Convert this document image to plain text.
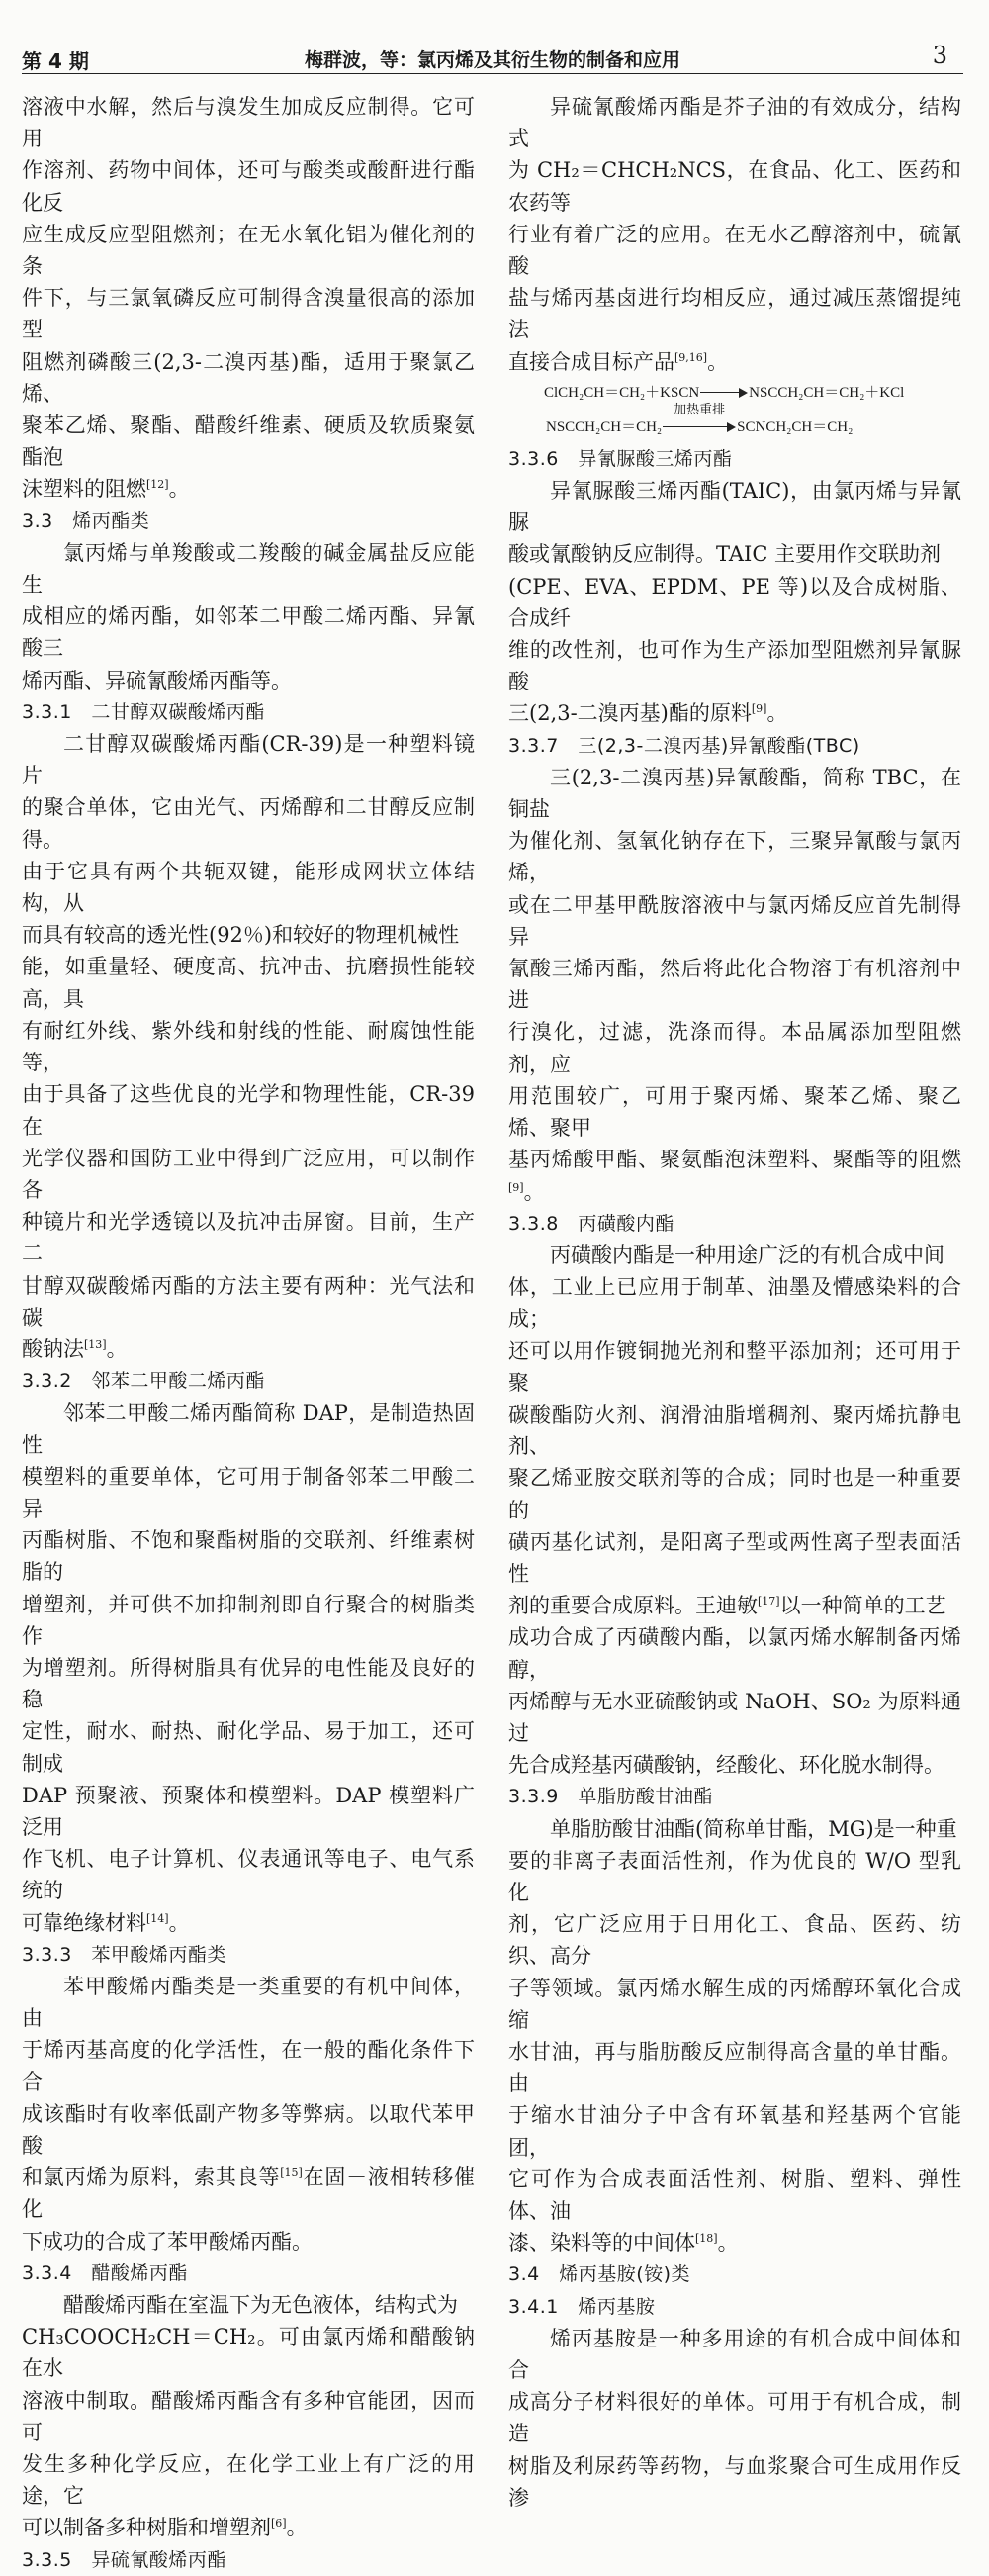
第 4 期	梅群波，等：氯丙烯及其衍生物的制备和应用	3

溶液中水解，然后与溴发生加成反应制得。它可用

作溶剂、药物中间体，还可与酸类或酸酐进行酯化反

应生成反应型阻燃剂；在无水氧化铝为催化剂的条

件下，与三氯氧磷反应可制得含溴量很高的添加型

阻燃剂磷酸三(2,3-二溴丙基)酯，适用于聚氯乙烯、

聚苯乙烯、聚酯、醋酸纤维素、硬质及软质聚氨酯泡

沫塑料的阻燃[12]。

3.3　烯丙酯类

氯丙烯与单羧酸或二羧酸的碱金属盐反应能生

成相应的烯丙酯，如邻苯二甲酸二烯丙酯、异氰酸三

烯丙酯、异硫氰酸烯丙酯等。

3.3.1　二甘醇双碳酸烯丙酯

二甘醇双碳酸烯丙酯(CR-39)是一种塑料镜片

的聚合单体，它由光气、丙烯醇和二甘醇反应制得。

由于它具有两个共轭双键，能形成网状立体结构，从

而具有较高的透光性(92％)和较好的物理机械性

能，如重量轻、硬度高、抗冲击、抗磨损性能较高，具

有耐红外线、紫外线和射线的性能、耐腐蚀性能等，

由于具备了这些优良的光学和物理性能，CR-39 在

光学仪器和国防工业中得到广泛应用，可以制作各

种镜片和光学透镜以及抗冲击屏窗。目前，生产二

甘醇双碳酸烯丙酯的方法主要有两种：光气法和碳

酸钠法[13]。

3.3.2　邻苯二甲酸二烯丙酯

邻苯二甲酸二烯丙酯简称 DAP，是制造热固性

模塑料的重要单体，它可用于制备邻苯二甲酸二异

丙酯树脂、不饱和聚酯树脂的交联剂、纤维素树脂的

增塑剂，并可供不加抑制剂即自行聚合的树脂类作

为增塑剂。所得树脂具有优异的电性能及良好的稳

定性，耐水、耐热、耐化学品、易于加工，还可制成

DAP 预聚液、预聚体和模塑料。DAP 模塑料广泛用

作飞机、电子计算机、仪表通讯等电子、电气系统的

可靠绝缘材料[14]。

3.3.3　苯甲酸烯丙酯类

苯甲酸烯丙酯类是一类重要的有机中间体，由

于烯丙基高度的化学活性，在一般的酯化条件下合

成该酯时有收率低副产物多等弊病。以取代苯甲酸

和氯丙烯为原料，索其良等[15]在固－液相转移催化

下成功的合成了苯甲酸烯丙酯。

3.3.4　醋酸烯丙酯

醋酸烯丙酯在室温下为无色液体，结构式为

CH₃COOCH₂CH＝CH₂。可由氯丙烯和醋酸钠在水

溶液中制取。醋酸烯丙酯含有多种官能团，因而可

发生多种化学反应，在化学工业上有广泛的用途，它

可以制备多种树脂和增塑剂[6]。

3.3.5　异硫氰酸烯丙酯

异硫氰酸烯丙酯是芥子油的有效成分，结构式

为 CH₂＝CHCH₂NCS，在食品、化工、医药和农药等

行业有着广泛的应用。在无水乙醇溶剂中，硫氰酸

盐与烯丙基卤进行均相反应，通过减压蒸馏提纯法

直接合成目标产品[9,16]。

ClCH₂CH＝CH₂＋KSCN	NSCCH₂CH＝CH₂＋KCl
NSCCH₂CH＝CH₂
加热重排
SCNCH₂CH＝CH₂
3.3.6　异氰脲酸三烯丙酯

异氰脲酸三烯丙酯(TAIC)，由氯丙烯与异氰脲

酸或氰酸钠反应制得。TAIC 主要用作交联助剂

(CPE、EVA、EPDM、PE 等)以及合成树脂、合成纤

维的改性剂，也可作为生产添加型阻燃剂异氰脲酸

三(2,3-二溴丙基)酯的原料[9]。

3.3.7　三(2,3-二溴丙基)异氰酸酯(TBC)

三(2,3-二溴丙基)异氰酸酯，简称 TBC，在铜盐

为催化剂、氢氧化钠存在下，三聚异氰酸与氯丙烯，

或在二甲基甲酰胺溶液中与氯丙烯反应首先制得异

氰酸三烯丙酯，然后将此化合物溶于有机溶剂中进

行溴化，过滤，洗涤而得。本品属添加型阻燃剂，应

用范围较广，可用于聚丙烯、聚苯乙烯、聚乙烯、聚甲

基丙烯酸甲酯、聚氨酯泡沫塑料、聚酯等的阻燃[9]。

3.3.8　丙磺酸内酯

丙磺酸内酯是一种用途广泛的有机合成中间

体，工业上已应用于制革、油墨及懵感染料的合成；

还可以用作镀铜抛光剂和整平添加剂；还可用于聚

碳酸酯防火剂、润滑油脂增稠剂、聚丙烯抗静电剂、

聚乙烯亚胺交联剂等的合成；同时也是一种重要的

磺丙基化试剂，是阳离子型或两性离子型表面活性

剂的重要合成原料。王迪敏[17]以一种简单的工艺

成功合成了丙磺酸内酯，以氯丙烯水解制备丙烯醇，

丙烯醇与无水亚硫酸钠或 NaOH、SO₂ 为原料通过

先合成羟基丙磺酸钠，经酸化、环化脱水制得。

3.3.9　单脂肪酸甘油酯

单脂肪酸甘油酯(简称单甘酯，MG)是一种重

要的非离子表面活性剂，作为优良的 W/O 型乳化

剂，它广泛应用于日用化工、食品、医药、纺织、高分

子等领域。氯丙烯水解生成的丙烯醇环氧化合成缩

水甘油，再与脂肪酸反应制得高含量的单甘酯。由

于缩水甘油分子中含有环氧基和羟基两个官能团，

它可作为合成表面活性剂、树脂、塑料、弹性体、油

漆、染料等的中间体[18]。

3.4　烯丙基胺(铵)类
3.4.1　烯丙基胺

烯丙基胺是一种多用途的有机合成中间体和合

成高分子材料很好的单体。可用于有机合成，制造

树脂及利尿药等药物，与血浆聚合可生成用作反渗
